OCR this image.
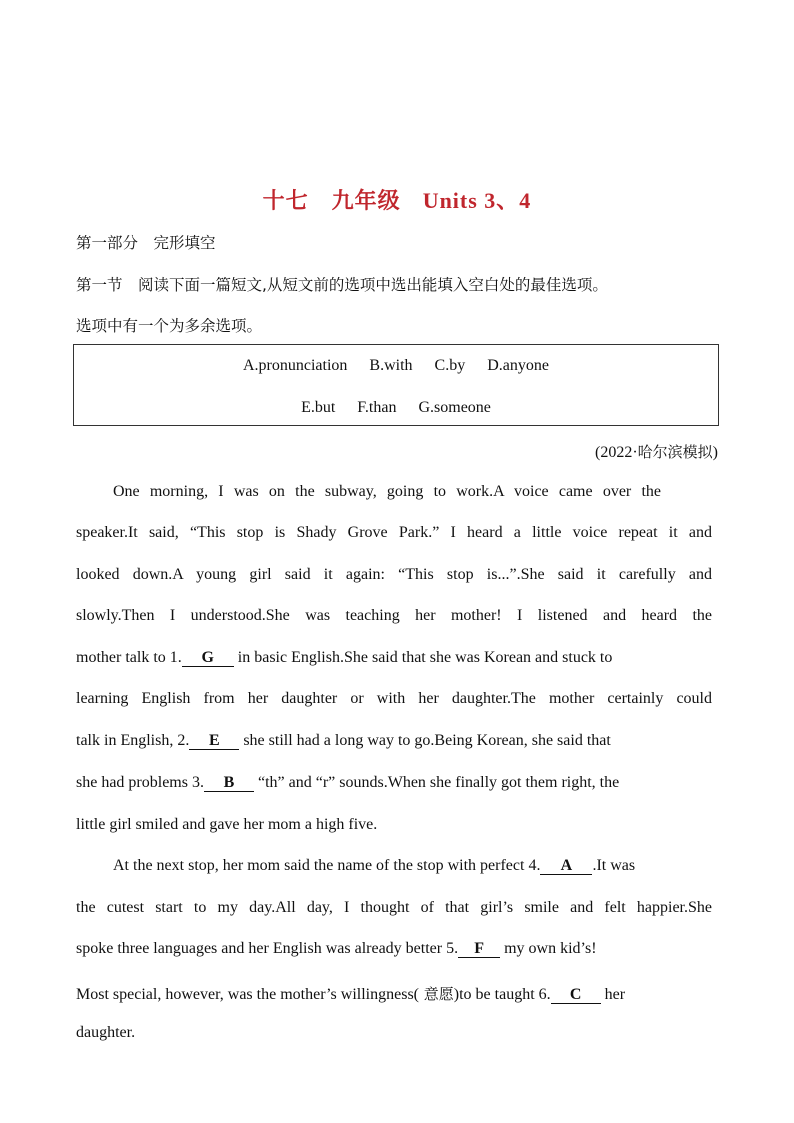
十七　九年级 Units 3、4
第一部分　完形填空
第一节　阅读下面一篇短文,从短文前的选项中选出能填入空白处的最佳选项。
选项中有一个为多余选项。
A.pronunciation B.with C.by D.anyone
E.but F.than G.someone
(2022·哈尔滨模拟)
One morning, I was on the subway, going to work.A voice came over the
speaker.It said, “This stop is Shady Grove Park.” I heard a little voice repeat it and
looked down.A young girl said it again: “This stop is...”.She said it carefully and
slowly.Then I understood.She was teaching her mother! I listened and heard the
mother talk to 1. G in basic English.She said that she was Korean and stuck to
learning English from her daughter or with her daughter.The mother certainly could
talk in English, 2. E she still had a long way to go.Being Korean, she said that
she had problems 3. B “th” and “r” sounds.When she finally got them right, the
little girl smiled and gave her mom a high five.
At the next stop, her mom said the name of the stop with perfect 4. A .It was
the cutest start to my day.All day, I thought of that girl’s smile and felt happier.She
spoke three languages and her English was already better 5. F my own kid’s!
Most special, however, was the mother’s willingness( 意愿)to be taught 6. C her
daughter.
